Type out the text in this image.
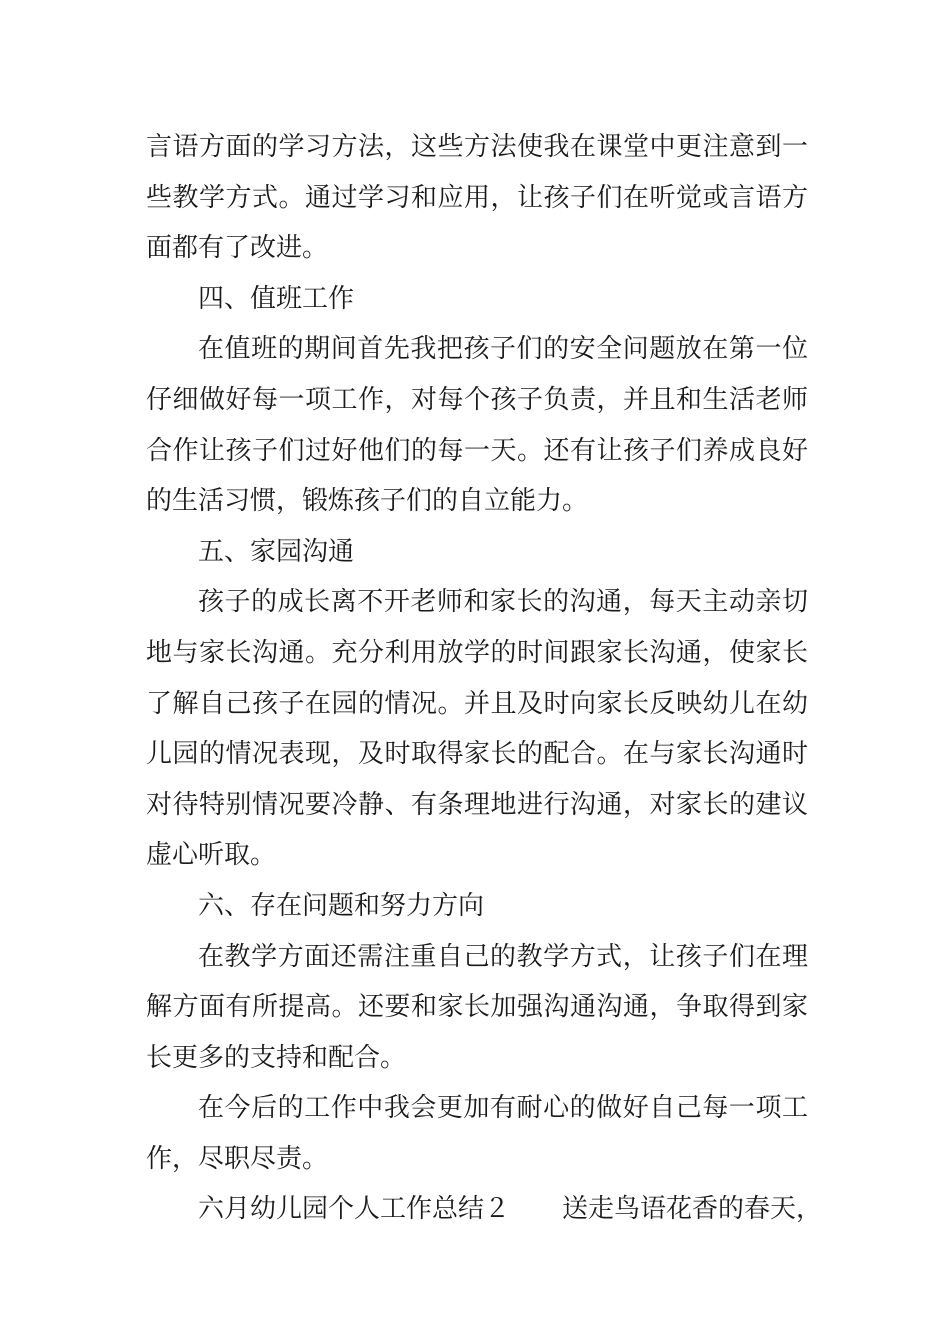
言语方面的学习方法，这些方法使我在课堂中更注意到一些教学方式。通过学习和应用，让孩子们在听觉或言语方面都有了改进。

四、值班工作

在值班的期间首先我把孩子们的安全问题放在第一位仔细做好每一项工作，对每个孩子负责，并且和生活老师合作让孩子们过好他们的每一天。还有让孩子们养成良好的生活习惯，锻炼孩子们的自立能力。

五、家园沟通

孩子的成长离不开老师和家长的沟通，每天主动亲切地与家长沟通。充分利用放学的时间跟家长沟通，使家长了解自己孩子在园的情况。并且及时向家长反映幼儿在幼儿园的情况表现，及时取得家长的配合。在与家长沟通时对待特别情况要冷静、有条理地进行沟通，对家长的建议虚心听取。

六、存在问题和努力方向

在教学方面还需注重自己的教学方式，让孩子们在理解方面有所提高。还要和家长加强沟通沟通，争取得到家长更多的支持和配合。

在今后的工作中我会更加有耐心的做好自己每一项工作，尽职尽责。

六月幼儿园个人工作总结２　　送走鸟语花香的春天，
